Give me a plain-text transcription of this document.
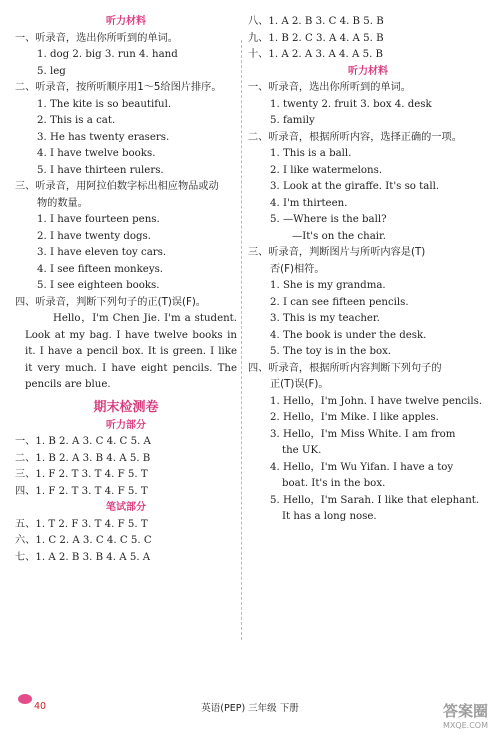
听力材料
一、听录音，选出你所听到的单词。
1. dog 2. big 3. run 4. hand
5. leg
二、听录音，按所听顺序用1～5给图片排序。
1. The kite is so beautiful.
2. This is a cat.
3. He has twenty erasers.
4. I have twelve books.
5. I have thirteen rulers.
三、听录音，用阿拉伯数字标出相应物品或动
物的数量。
1. I have fourteen pens.
2. I have twenty dogs.
3. I have eleven toy cars.
4. I see fifteen monkeys.
5. I see eighteen books.
四、听录音，判断下列句子的正(T)误(F)。
Hello，I'm Chen Jie. I'm a student. Look at my bag. I have twelve books in it. I have a pencil box. It is green. I like it very much. I have eight pencils. The pencils are blue.
期末检测卷
听力部分
一、1. B 2. A 3. C 4. C 5. A
二、1. B 2. A 3. B 4. A 5. B
三、1. F 2. T 3. T 4. F 5. T
四、1. F 2. T 3. T 4. F 5. T
笔试部分
五、1. T 2. F 3. T 4. F 5. T
六、1. C 2. A 3. C 4. C 5. C
七、1. A 2. B 3. B 4. A 5. A
八、1. A 2. B 3. C 4. B 5. B
九、1. B 2. C 3. A 4. A 5. B
十、1. A 2. A 3. A 4. A 5. B
听力材料
一、听录音，选出你所听到的单词。
1. twenty 2. fruit 3. box 4. desk
5. family
二、听录音，根据所听内容，选择正确的一项。
1. This is a ball.
2. I like watermelons.
3. Look at the giraffe. It's so tall.
4. I'm thirteen.
5. —Where is the ball?
—It's on the chair.
三、听录音，判断图片与所听内容是(T)
否(F)相符。
1. She is my grandma.
2. I can see fifteen pencils.
3. This is my teacher.
4. The book is under the desk.
5. The toy is in the box.
四、听录音，根据所听内容判断下列句子的
正(T)误(F)。
1. Hello，I'm John. I have twelve pencils.
2. Hello，I'm Mike. I like apples.
3. Hello，I'm Miss White. I am from
the UK.
4. Hello，I'm Wu Yifan. I have a toy
boat. It's in the box.
5. Hello，I'm Sarah. I like that elephant.
It has a long nose.
40	英语(PEP) 三年级 下册	答案圈
MXQE.COM
